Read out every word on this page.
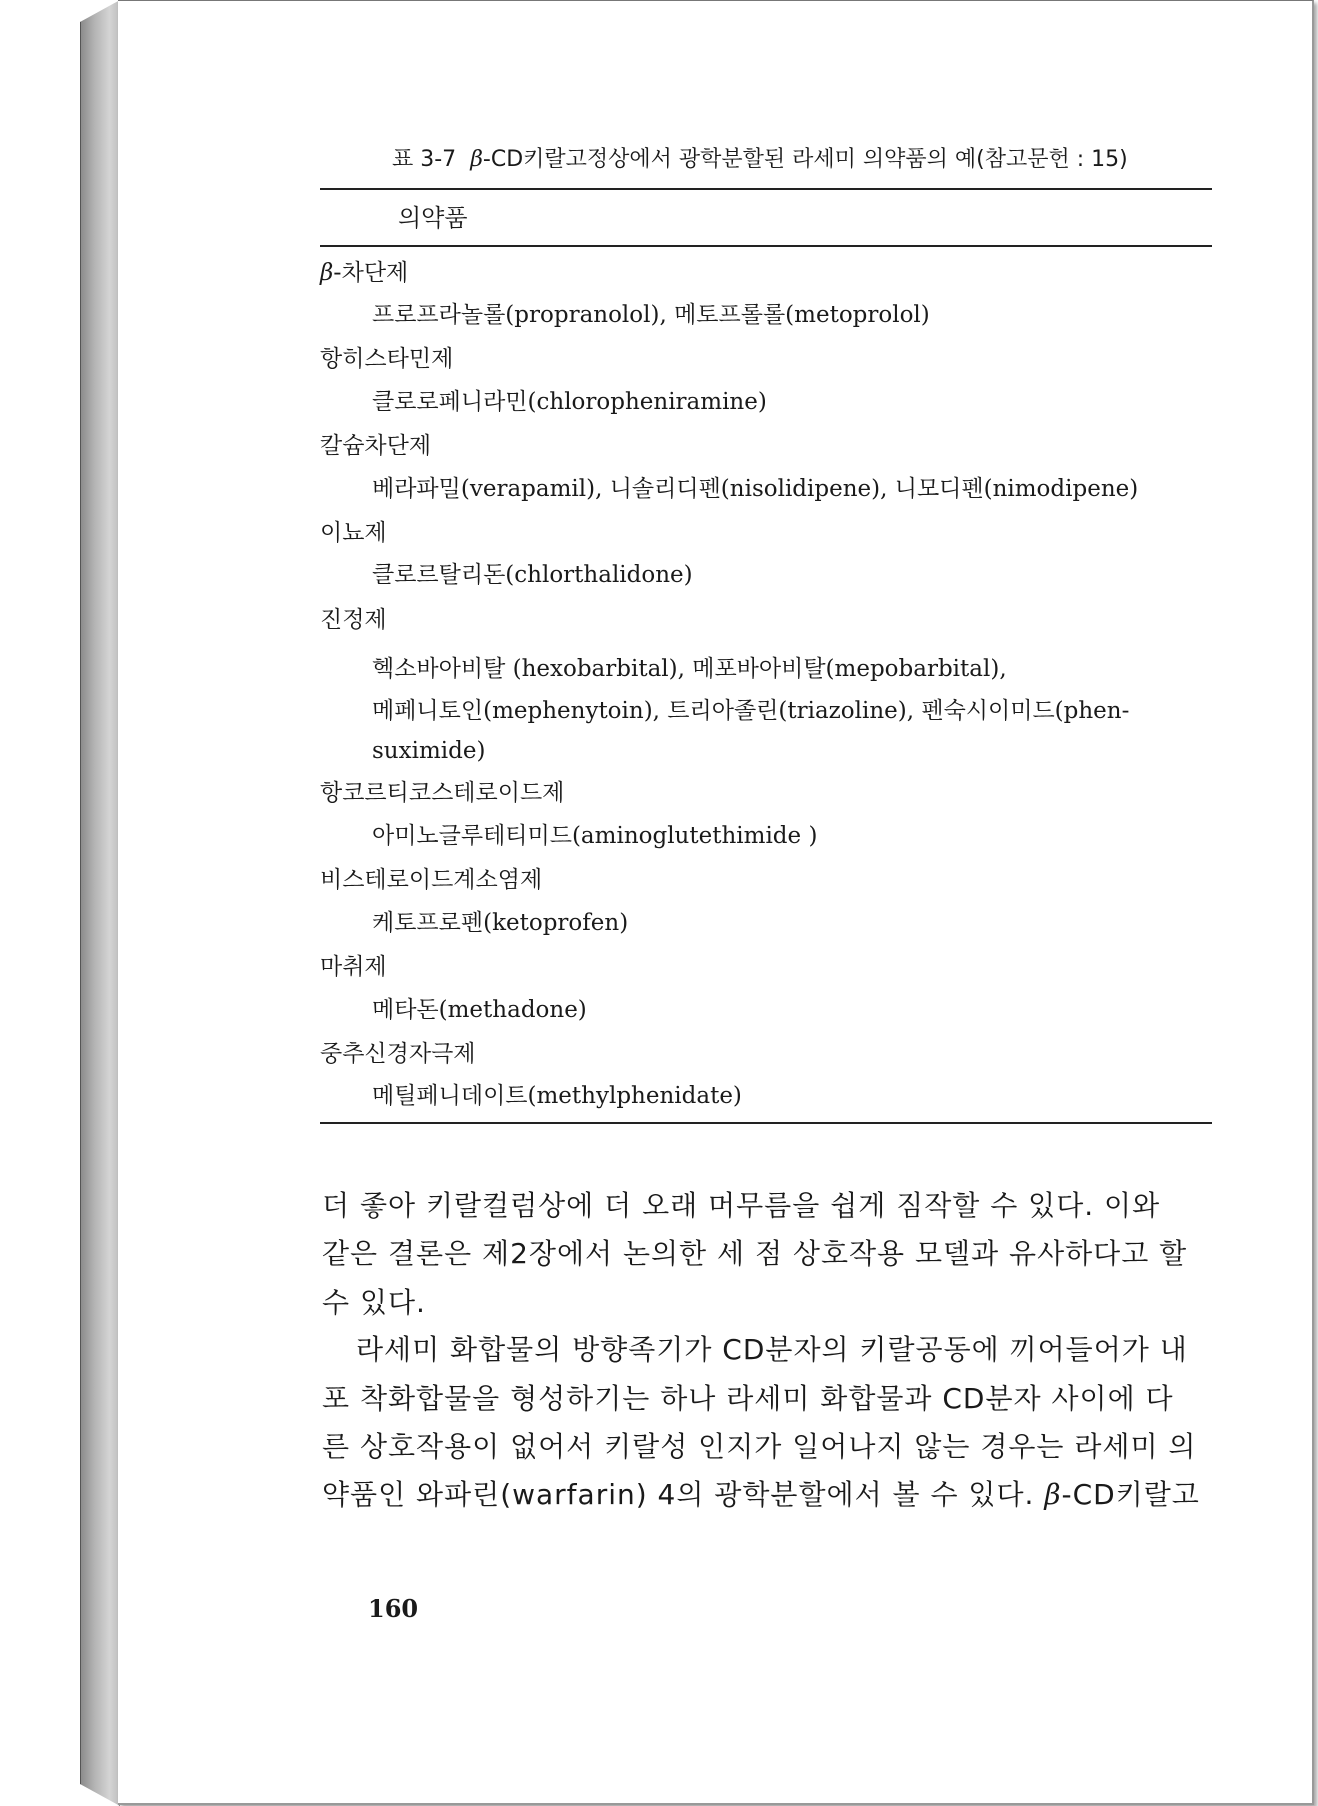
표 3-7 β-CD키랄고정상에서 광학분할된 라세미 의약품의 예(참고문헌 : 15)
의약품
β-차단제
프로프라놀롤(propranolol), 메토프롤롤(metoprolol)
항히스타민제
클로로페니라민(chloropheniramine)
칼슘차단제
베라파밀(verapamil), 니솔리디펜(nisolidipene), 니모디펜(nimodipene)
이뇨제
클로르탈리돈(chlorthalidone)
진정제
헥소바아비탈 (hexobarbital), 메포바아비탈(mepobarbital),
메페니토인(mephenytoin), 트리아졸린(triazoline), 펜숙시이미드(phen-
suximide)
항코르티코스테로이드제
아미노글루테티미드(aminoglutethimide )
비스테로이드계소염제
케토프로펜(ketoprofen)
마취제
메타돈(methadone)
중추신경자극제
메틸페니데이트(methylphenidate)
더 좋아 키랄컬럼상에 더 오래 머무름을 쉽게 짐작할 수 있다. 이와
같은 결론은 제2장에서 논의한 세 점 상호작용 모델과 유사하다고 할
수 있다.
라세미 화합물의 방향족기가 CD분자의 키랄공동에 끼어들어가 내
포 착화합물을 형성하기는 하나 라세미 화합물과 CD분자 사이에 다
른 상호작용이 없어서 키랄성 인지가 일어나지 않는 경우는 라세미 의
약품인 와파린(warfarin) 4의 광학분할에서 볼 수 있다. β-CD키랄고
160
